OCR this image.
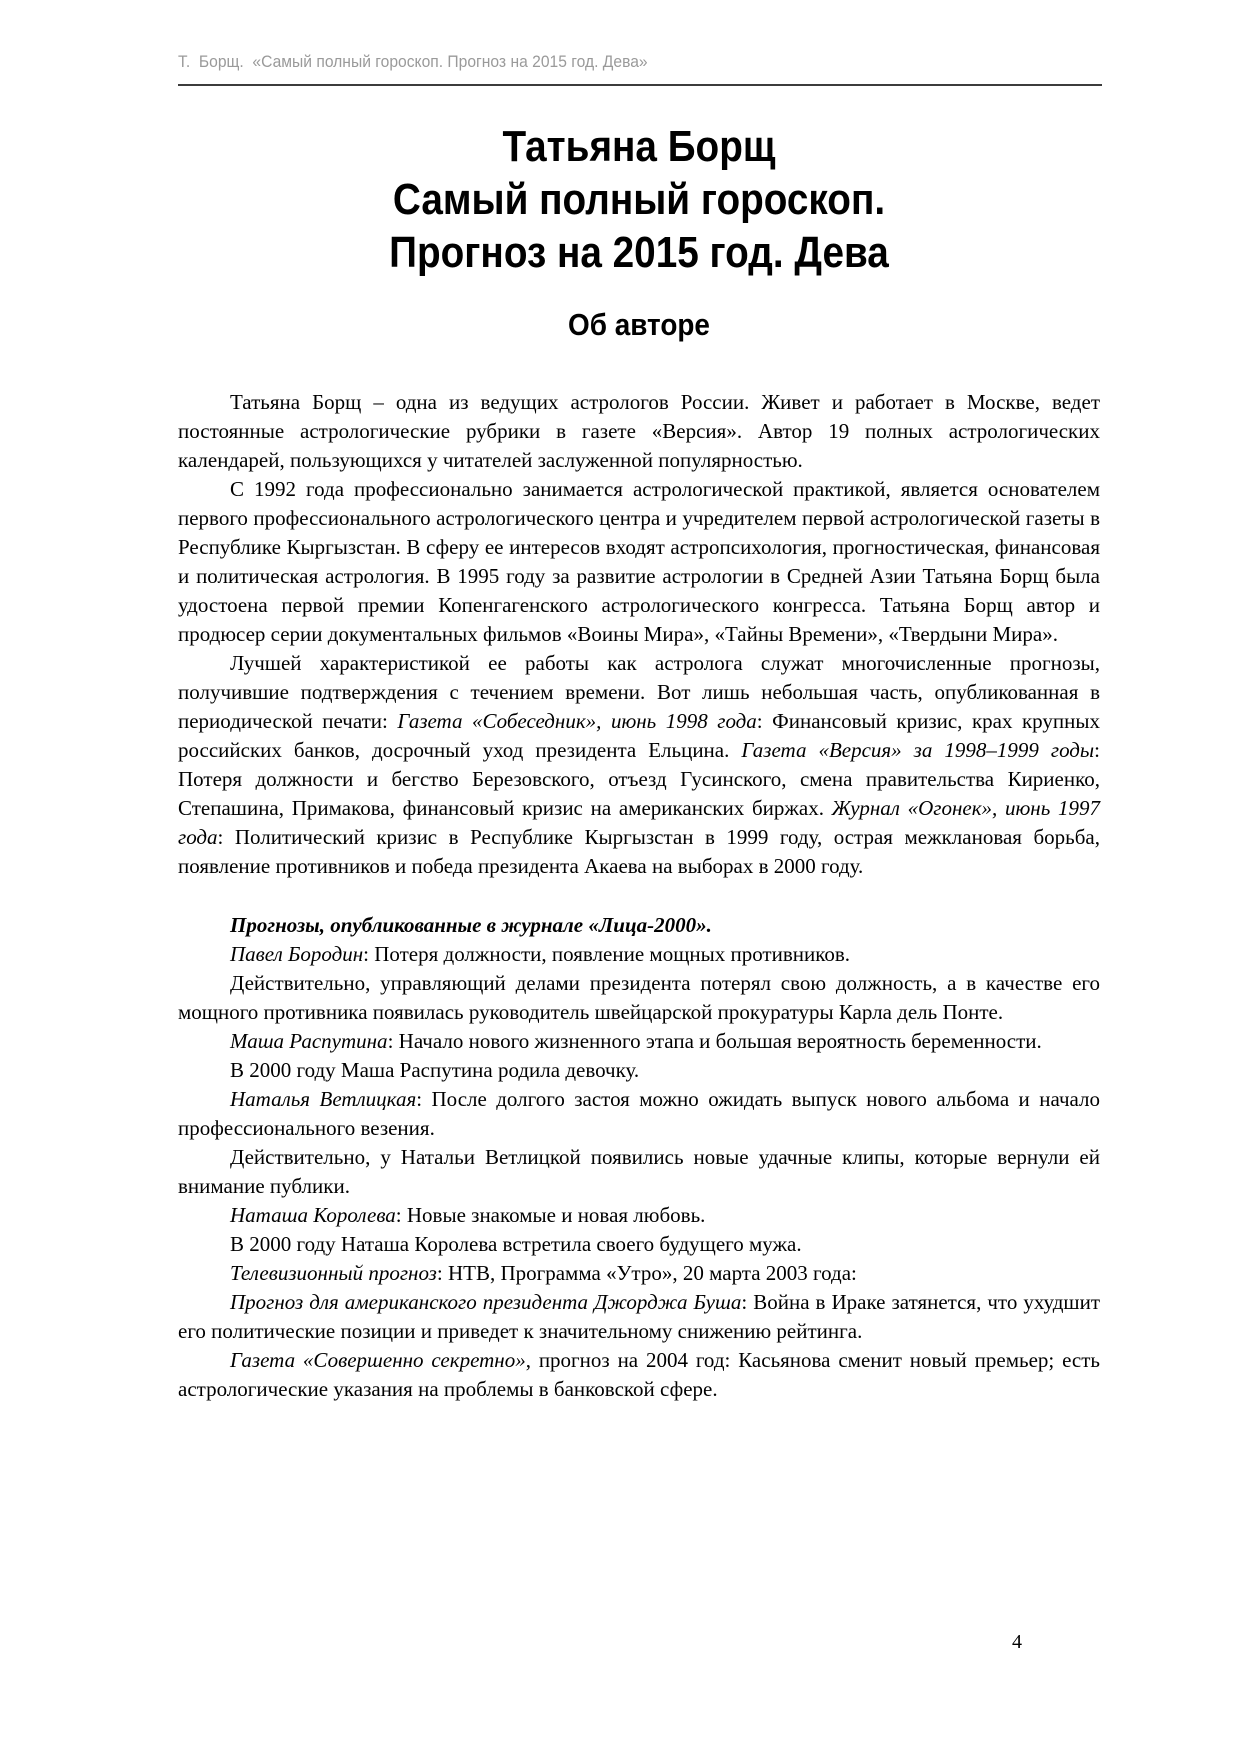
Т.  Борщ.  «Самый полный гороскоп. Прогноз на 2015 год. Дева»
Татьяна Борщ
Самый полный гороскоп.
Прогноз на 2015 год. Дева
Об авторе

Татьяна Борщ – одна из ведущих астрологов России. Живет и работает в Москве, ведет постоянные астрологические рубрики в газете «Версия». Автор 19 полных астрологических календарей, пользующихся у читателей заслуженной популярностью.

С 1992 года профессионально занимается астрологической практикой, является основателем первого профессионального астрологического центра и учредителем первой астрологической газеты в Республике Кыргызстан. В сферу ее интересов входят астропсихология, прогностическая, финансовая и политическая астрология. В 1995 году за развитие астрологии в Средней Азии Татьяна Борщ была удостоена первой премии Копенгагенского астрологического конгресса. Татьяна Борщ автор и продюсер серии документальных фильмов «Воины Мира», «Тайны Времени», «Твердыни Мира».

Лучшей характеристикой ее работы как астролога служат многочисленные прогнозы, получившие подтверждения с течением времени. Вот лишь небольшая часть, опубликованная в периодической печати: Газета «Собеседник», июнь 1998 года: Финансовый кризис, крах крупных российских банков, досрочный уход президента Ельцина. Газета «Версия» за 1998–1999 годы: Потеря должности и бегство Березовского, отъезд Гусинского, смена правительства Кириенко, Степашина, Примакова, финансовый кризис на американских биржах. Журнал «Огонек», июнь 1997 года: Политический кризис в Республике Кыргызстан в 1999 году, острая межклановая борьба, появление противников и победа президента Акаева на выборах в 2000 году.

Прогнозы, опубликованные в журнале «Лица-2000».

Павел Бородин: Потеря должности, появление мощных противников.

Действительно, управляющий делами президента потерял свою должность, а в качестве его мощного противника появилась руководитель швейцарской прокуратуры Карла дель Понте.

Маша Распутина: Начало нового жизненного этапа и большая вероятность беременности.

В 2000 году Маша Распутина родила девочку.

Наталья Ветлицкая: После долгого застоя можно ожидать выпуск нового альбома и начало профессионального везения.

Действительно, у Натальи Ветлицкой появились новые удачные клипы, которые вернули ей внимание публики.

Наташа Королева: Новые знакомые и новая любовь.

В 2000 году Наташа Королева встретила своего будущего мужа.

Телевизионный прогноз: НТВ, Программа «Утро», 20 марта 2003 года:

Прогноз для американского президента Джорджа Буша: Война в Ираке затянется, что ухудшит его политические позиции и приведет к значительному снижению рейтинга.

Газета «Совершенно секретно», прогноз на 2004 год: Касьянова сменит новый премьер; есть астрологические указания на проблемы в банковской сфере.

4
